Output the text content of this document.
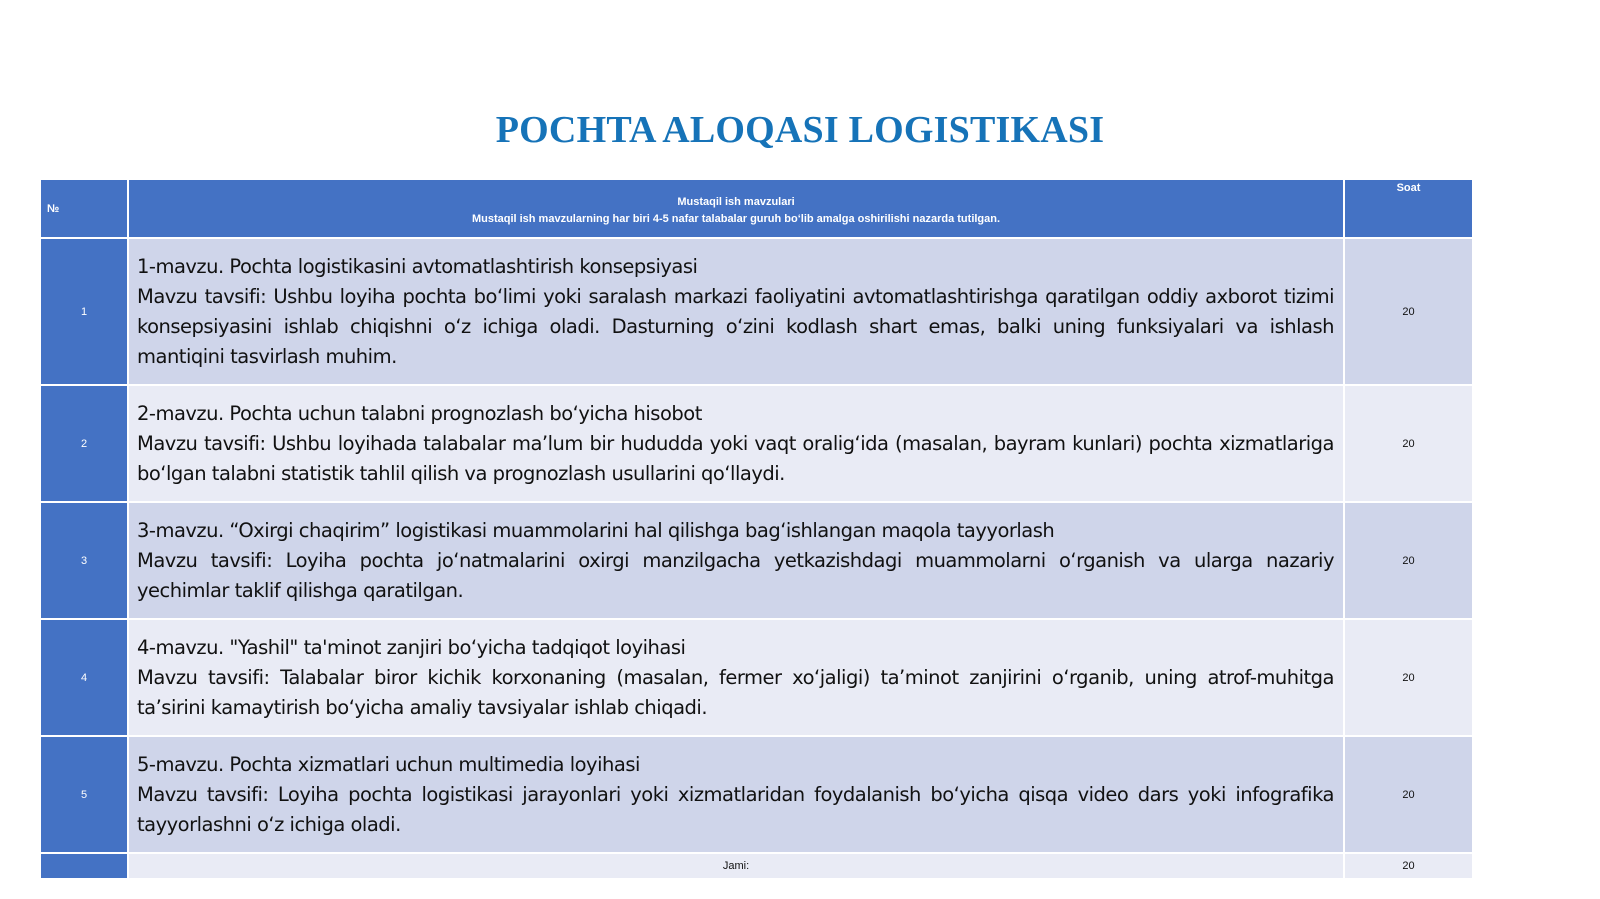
POCHTA ALOQASI LOGISTIKASI
№	Mustaqil ish mavzulari
Mustaqil ish mavzularning har biri 4-5 nafar talabalar guruh bo‘lib amalga oshirilishi nazarda tutilgan.	Soat
1	1-mavzu. Pochta logistikasini avtomatlashtirish konsepsiyasi
Mavzu tavsifi: Ushbu loyiha pochta bo‘limi yoki saralash markazi faoliyatini avtomatlashtirishga qaratilgan oddiy axborot tizimi konsepsiyasini ishlab chiqishni o‘z ichiga oladi. Dasturning o‘zini kodlash shart emas, balki uning funksiyalari va ishlash mantiqini tasvirlash muhim.	20
2	2-mavzu. Pochta uchun talabni prognozlash bo‘yicha hisobot
Mavzu tavsifi: Ushbu loyihada talabalar ma’lum bir hududda yoki vaqt oralig‘ida (masalan, bayram kunlari) pochta xizmatlariga bo‘lgan talabni statistik tahlil qilish va prognozlash usullarini qo‘llaydi.	20
3	3-mavzu. “Oxirgi chaqirim” logistikasi muammolarini hal qilishga bag‘ishlangan maqola tayyorlash
Mavzu tavsifi: Loyiha pochta jo‘natmalarini oxirgi manzilgacha yetkazishdagi muammolarni o‘rganish va ularga nazariy yechimlar taklif qilishga qaratilgan.	20
4	4-mavzu. "Yashil" ta'minot zanjiri bo‘yicha tadqiqot loyihasi
Mavzu tavsifi: Talabalar biror kichik korxonaning (masalan, fermer xo‘jaligi) ta’minot zanjirini o‘rganib, uning atrof-muhitga ta’sirini kamaytirish bo‘yicha amaliy tavsiyalar ishlab chiqadi.	20
5	5-mavzu. Pochta xizmatlari uchun multimedia loyihasi
Mavzu tavsifi: Loyiha pochta logistikasi jarayonlari yoki xizmatlaridan foydalanish bo‘yicha qisqa video dars yoki infografika tayyorlashni o‘z ichiga oladi.	20
	Jami:	20
